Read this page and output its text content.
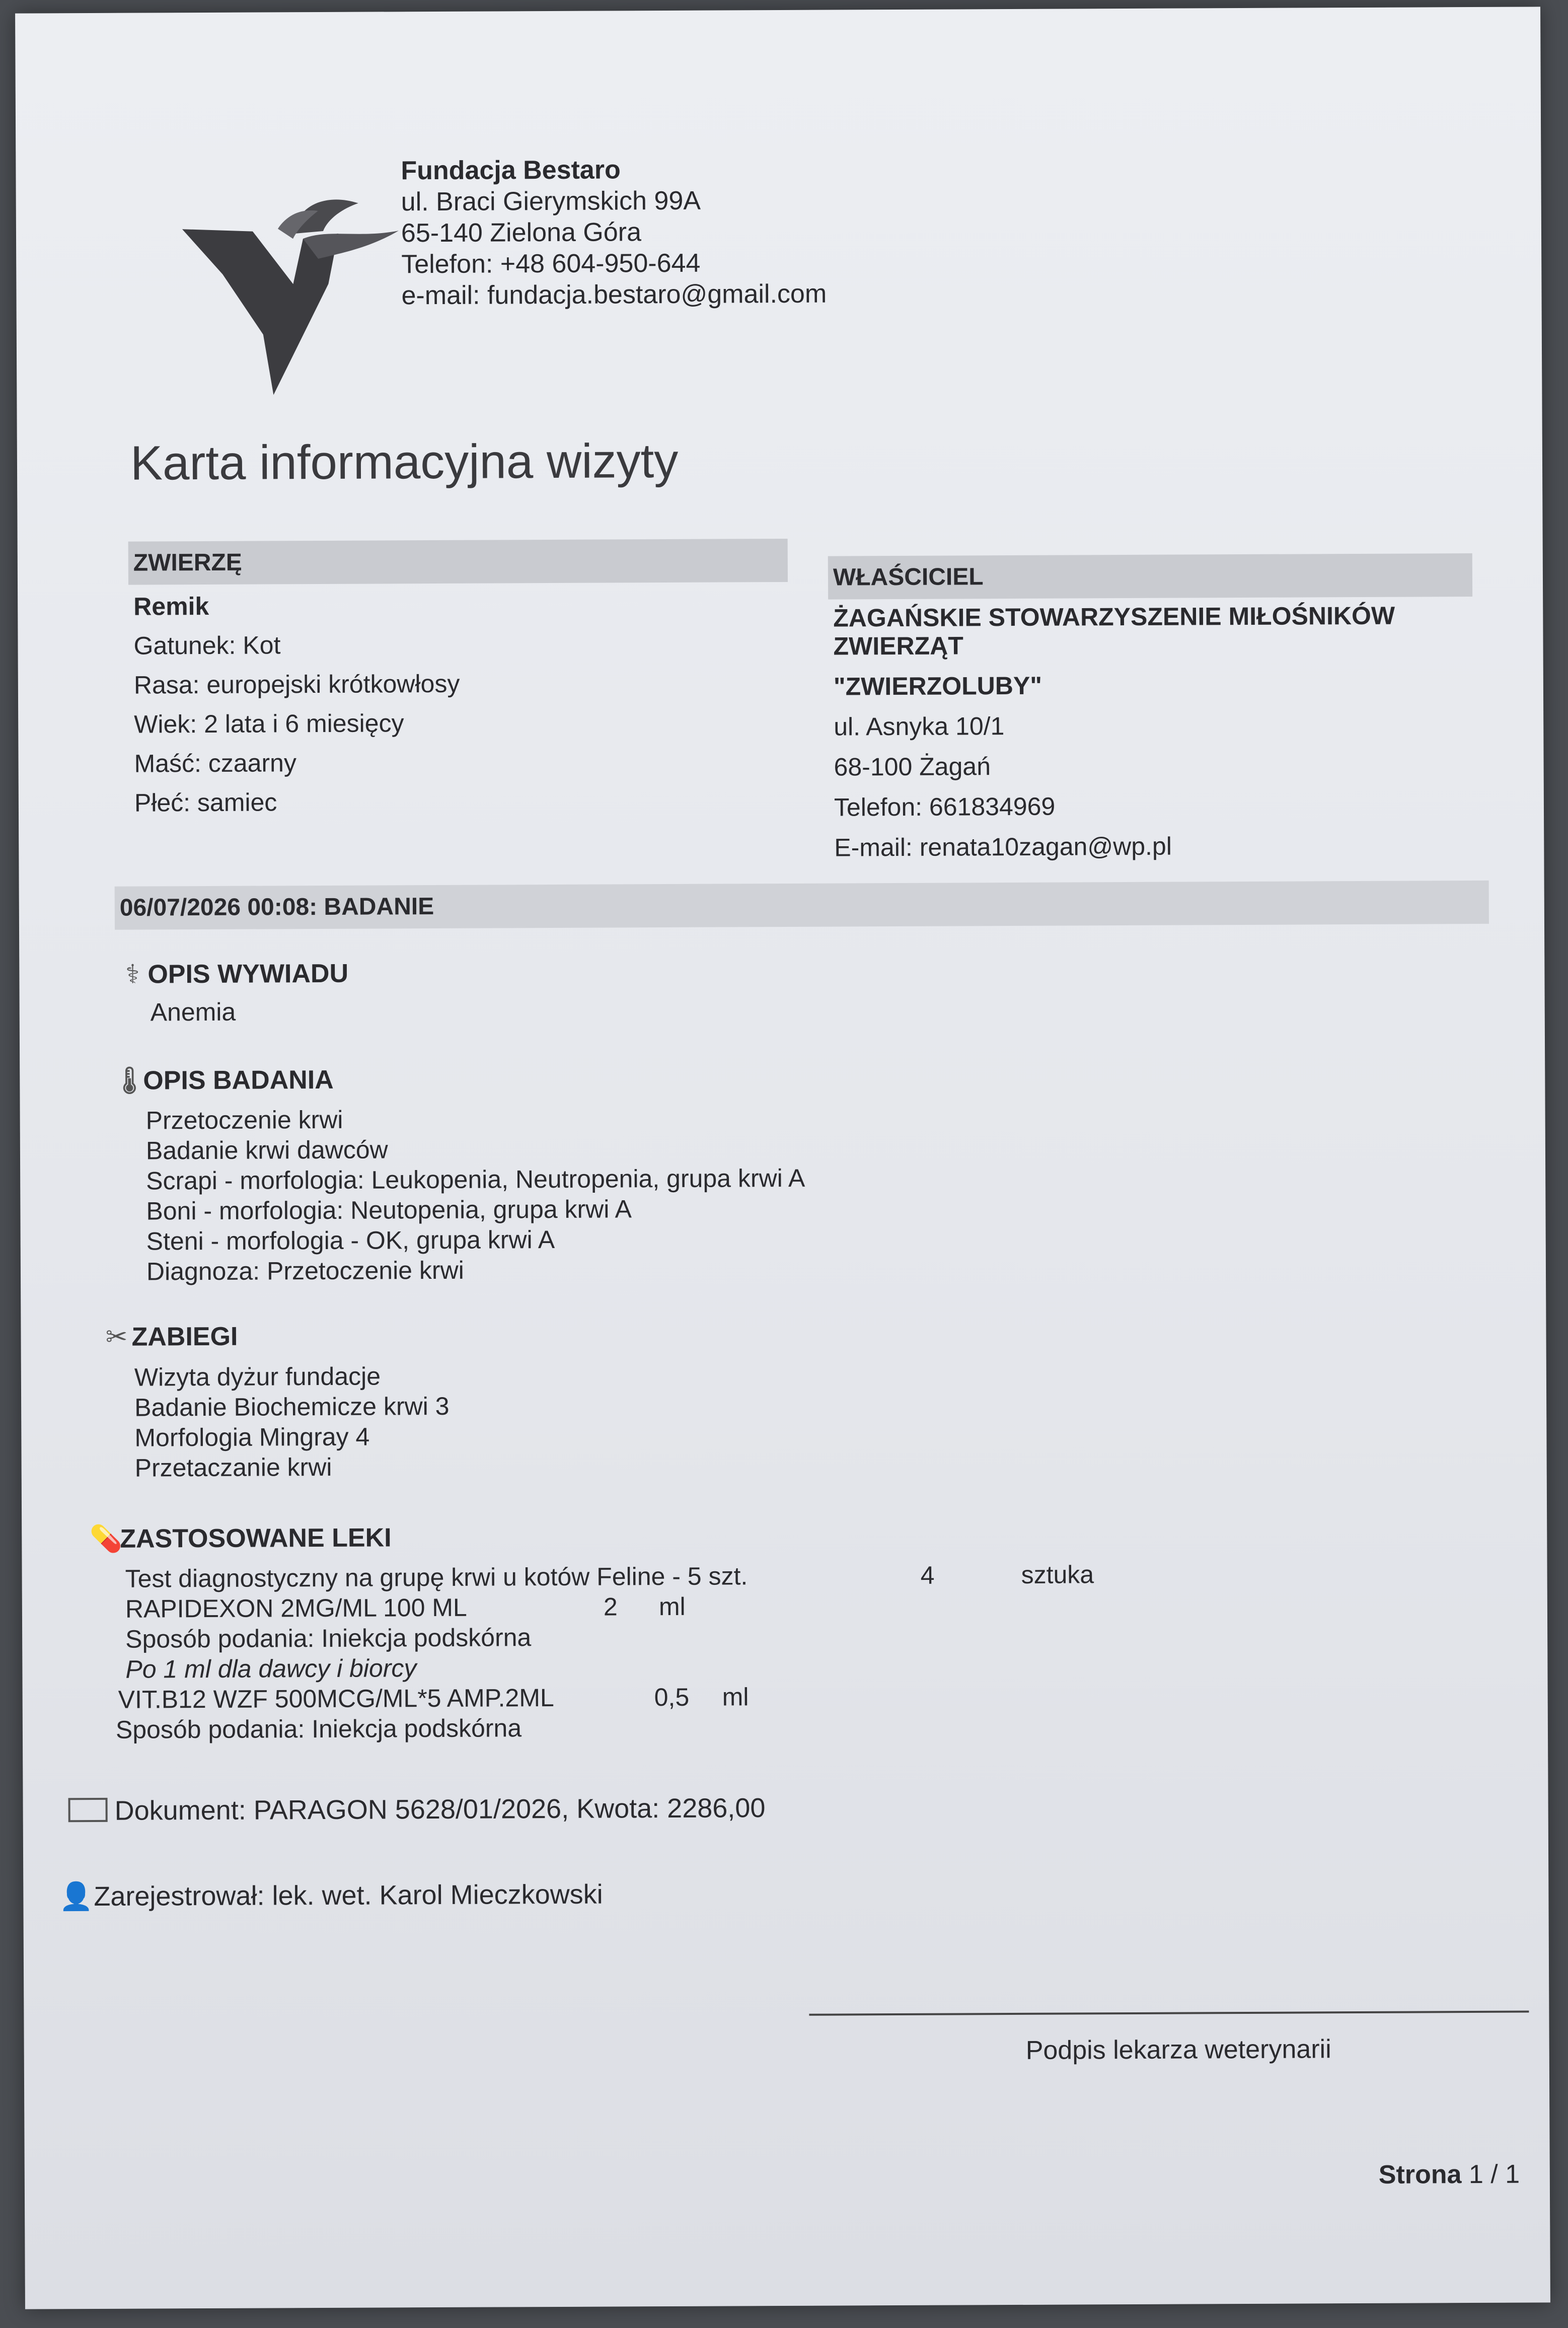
Fundacja Bestaro
ul. Braci Gierymskich 99A
65-140 Zielona Góra
Telefon: +48 604-950-644
e-mail: fundacja.bestaro@gmail.com
Karta informacyjna wizyty
ZWIERZĘ
Remik
Gatunek: Kot
Rasa: europejski krótkowłosy
Wiek: 2 lata i 6 miesięcy
Maść: czaarny
Płeć: samiec
WŁAŚCICIEL
ŻAGAŃSKIE STOWARZYSZENIE MIŁOŚNIKÓW
ZWIERZĄT
"ZWIERZOLUBY"
ul. Asnyka 10/1
68-100 Żagań
Telefon: 661834969
E-mail: renata10zagan@wp.pl
06/07/2026 00:08: BADANIE
⚕ OPIS WYWIADU
Anemia
🌡OPIS BADANIA
Przetoczenie krwi
Badanie krwi dawców
Scrapi - morfologia: Leukopenia, Neutropenia, grupa krwi A
Boni - morfologia: Neutopenia, grupa krwi A
Steni - morfologia - OK, grupa krwi A
Diagnoza: Przetoczenie krwi
✂ ZABIEGI
Wizyta dyżur fundacje
Badanie Biochemicze krwi 3
Morfologia Mingray 4
Przetaczanie krwi
💊ZASTOSOWANE LEKI
Test diagnostyczny na grupę krwi u kotów Feline - 5 szt.	4	sztuka
RAPIDEXON 2MG/ML 100 ML	2 ml
Sposób podania: Iniekcja podskórna
Po 1 ml dla dawcy i biorcy
VIT.B12 WZF 500MCG/ML*5 AMP.2ML	0,5 ml
Sposób podania: Iniekcja podskórna
Dokument: PARAGON 5628/01/2026, Kwota: 2286,00
👤Zarejestrował: lek. wet. Karol Mieczkowski
Podpis lekarza weterynarii
Strona 1 / 1
